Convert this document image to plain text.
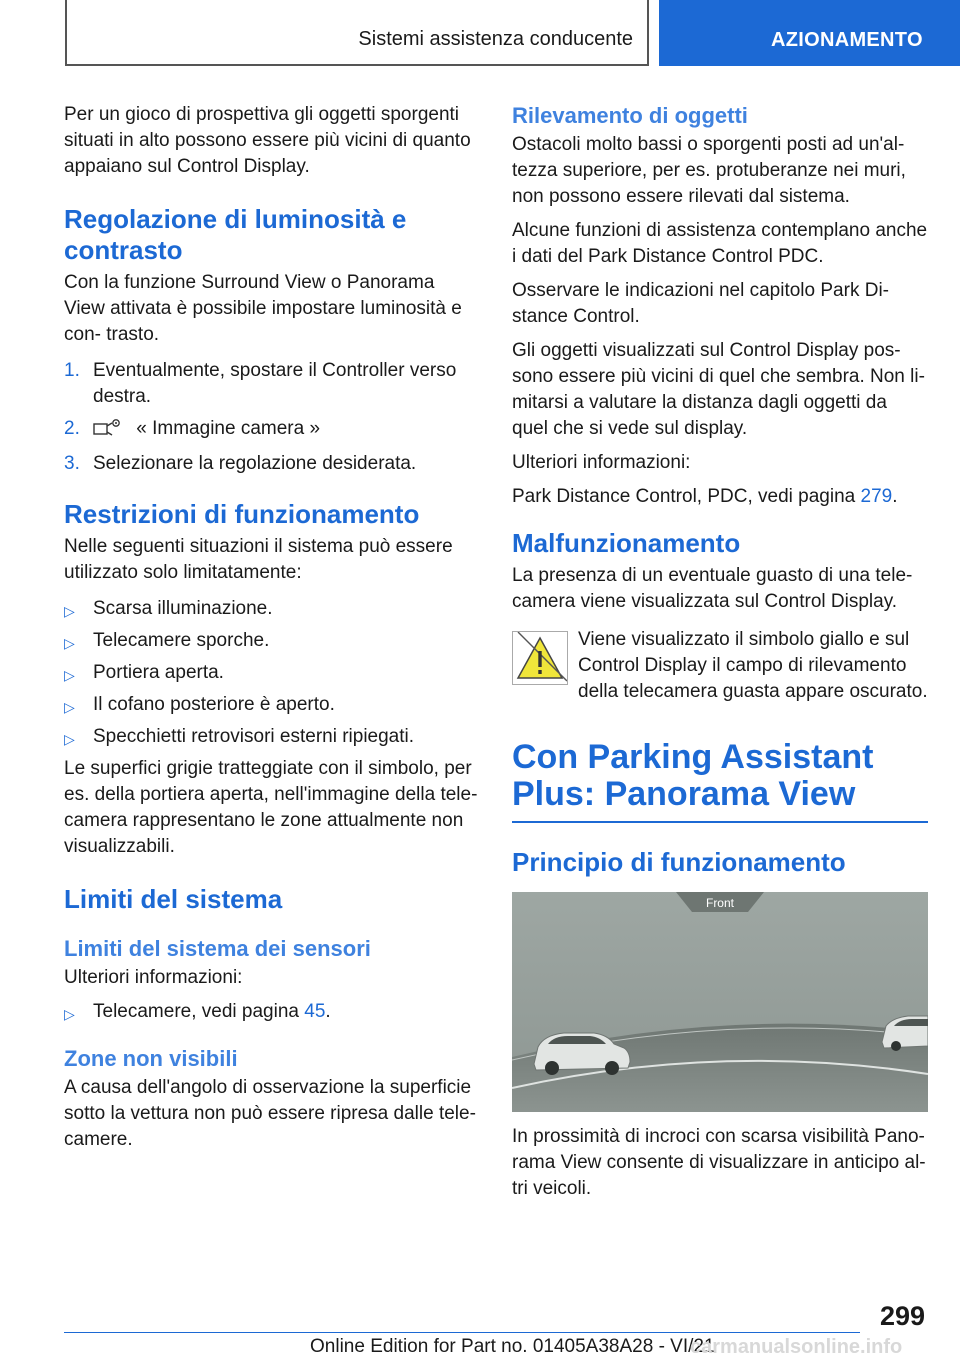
Sistemi assistenza conducente	AZIONAMENTO

Per un gioco di prospettiva gli oggetti sporgenti situati in alto possono essere più vicini di quanto appaiano sul Control Display.

Regolazione di luminosità e contrasto

Con la funzione Surround View o Panorama View attivata è possibile impostare luminosità e con- trasto.

1. Eventualmente, spostare il Controller verso destra.
2.	« Immagine camera »
3. Selezionare la regolazione desiderata.
Restrizioni di funzionamento

Nelle seguenti situazioni il sistema può essere utilizzato solo limitatamente:

▷ Scarsa illuminazione.
▷ Telecamere sporche.
▷ Portiera aperta.
▷ Il cofano posteriore è aperto.
▷ Specchietti retrovisori esterni ripiegati.

Le superfici grigie tratteggiate con il simbolo, per es. della portiera aperta, nell'immagine della tele- camera rappresentano le zone attualmente non visualizzabili.

Limiti del sistema
Limiti del sistema dei sensori

Ulteriori informazioni:

▷ Telecamere, vedi pagina 45.
Zone non visibili

A causa dell'angolo di osservazione la superficie sotto la vettura non può essere ripresa dalle tele- camere.

Rilevamento di oggetti

Ostacoli molto bassi o sporgenti posti ad un'al- tezza superiore, per es. protuberanze nei muri, non possono essere rilevati dal sistema.

Alcune funzioni di assistenza contemplano anche i dati del Park Distance Control PDC.

Osservare le indicazioni nel capitolo Park Di- stance Control.

Gli oggetti visualizzati sul Control Display pos- sono essere più vicini di quel che sembra. Non li- mitarsi a valutare la distanza dagli oggetti da quel che si vede sul display.

Ulteriori informazioni:

Park Distance Control, PDC, vedi pagina 279.

Malfunzionamento

La presenza di un eventuale guasto di una tele- camera viene visualizzata sul Control Display.

Viene visualizzato il simbolo giallo e sul Control Display il campo di rilevamento della telecamera guasta appare oscurato.

Con Parking Assistant Plus: Panorama View
Principio di funzionamento
Front

In prossimità di incroci con scarsa visibilità Pano- rama View consente di visualizzare in anticipo al- tri veicoli.

299
Online Edition for Part no. 01405A38A28 - VI/21
carmanualsonline.info
